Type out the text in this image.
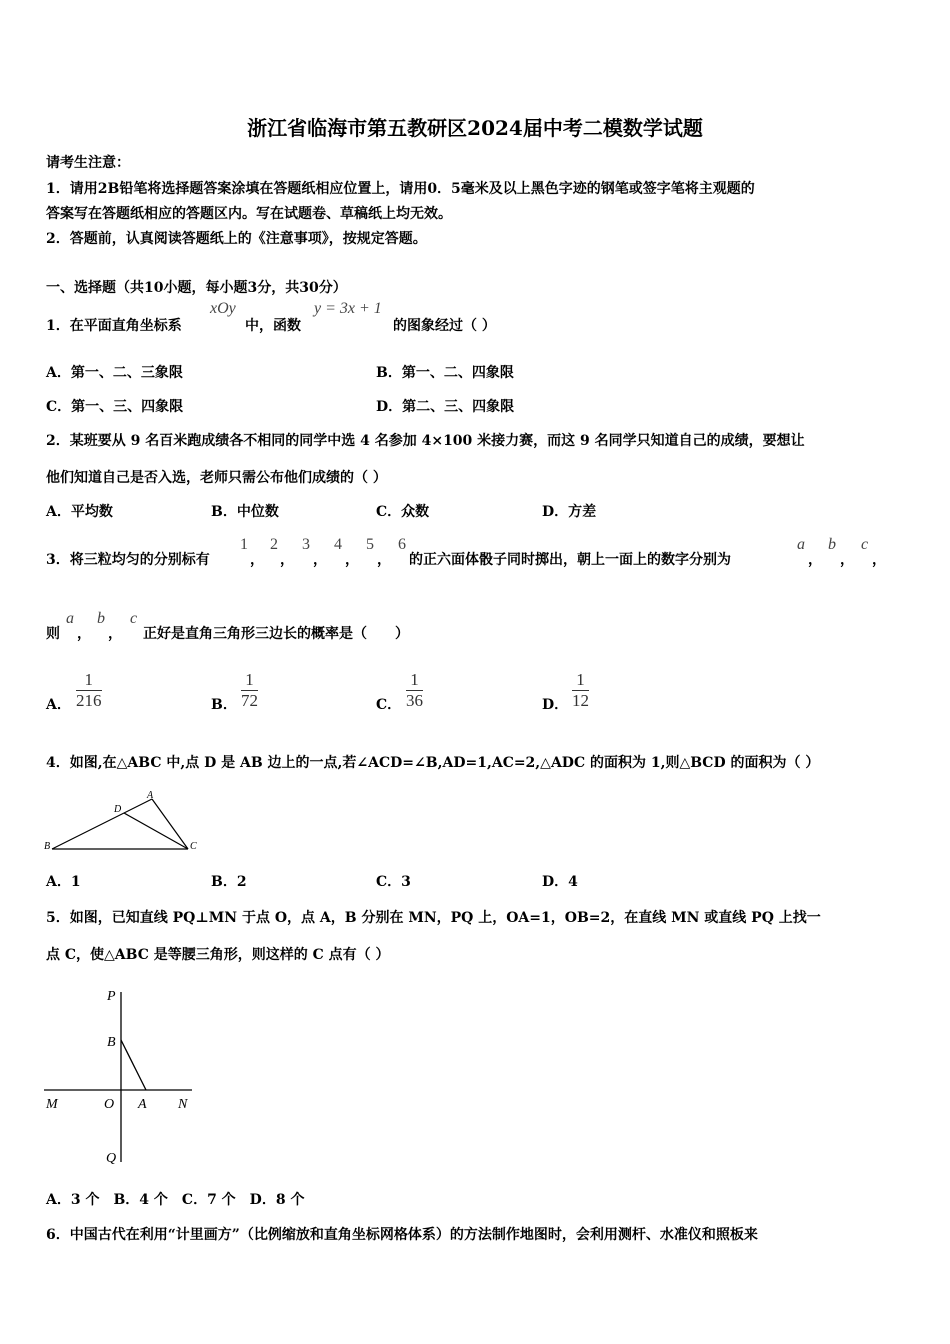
浙江省临海市第五教研区2024届中考二模数学试题
请考生注意：
1．请用2B铅笔将选择题答案涂填在答题纸相应位置上，请用0．5毫米及以上黑色字迹的钢笔或签字笔将主观题的
答案写在答题纸相应的答题区内。写在试题卷、草稿纸上均无效。
2．答题前，认真阅读答题纸上的《注意事项》，按规定答题。
一、选择题（共10小题，每小题3分，共30分）
1．在平面直角坐标系
xOy
中，函数
y = 3x + 1
的图象经过（ ）
A．第一、二、三象限	B．第一、二、四象限
C．第一、三、四象限	D．第二、三、四象限
2．某班要从 9 名百米跑成绩各不相同的同学中选 4 名参加 4×100 米接力赛，而这 9 名同学只知道自己的成绩，要想让
他们知道自己是否入选，老师只需公布他们成绩的（ ）
A．平均数	B．中位数	C．众数	D．方差
3．将三粒均匀的分别标有
1
，
2
，
3
，
4
，
5
，
6
的正六面体骰子同时掷出，朝上一面上的数字分别为
a
，
b
，
c
，
则
a
，
b
，
c
正好是直角三角形三边长的概率是（　　）
A． $\frac{1}{216}$	B． $\frac{1}{72}$	C． $\frac{1}{36}$	D． $\frac{1}{12}$
4．如图,在△ABC 中,点 D 是 AB 边上的一点,若∠ACD=∠B,AD=1,AC=2,△ADC 的面积为 1,则△BCD 的面积为（ ）
A
B	C
D
A．1	B．2	C．3	D．4
5．如图，已知直线 PQ⊥MN 于点 O，点 A，B 分别在 MN，PQ 上，OA=1，OB=2，在直线 MN 或直线 PQ 上找一
点 C，使△ABC 是等腰三角形，则这样的 C 点有（ ）
P
B
M	O A N
Q
A．3 个　B．4 个　C．7 个　D．8 个
6．中国古代在利用“计里画方”（比例缩放和直角坐标网格体系）的方法制作地图时，会利用测杆、水准仪和照板来
